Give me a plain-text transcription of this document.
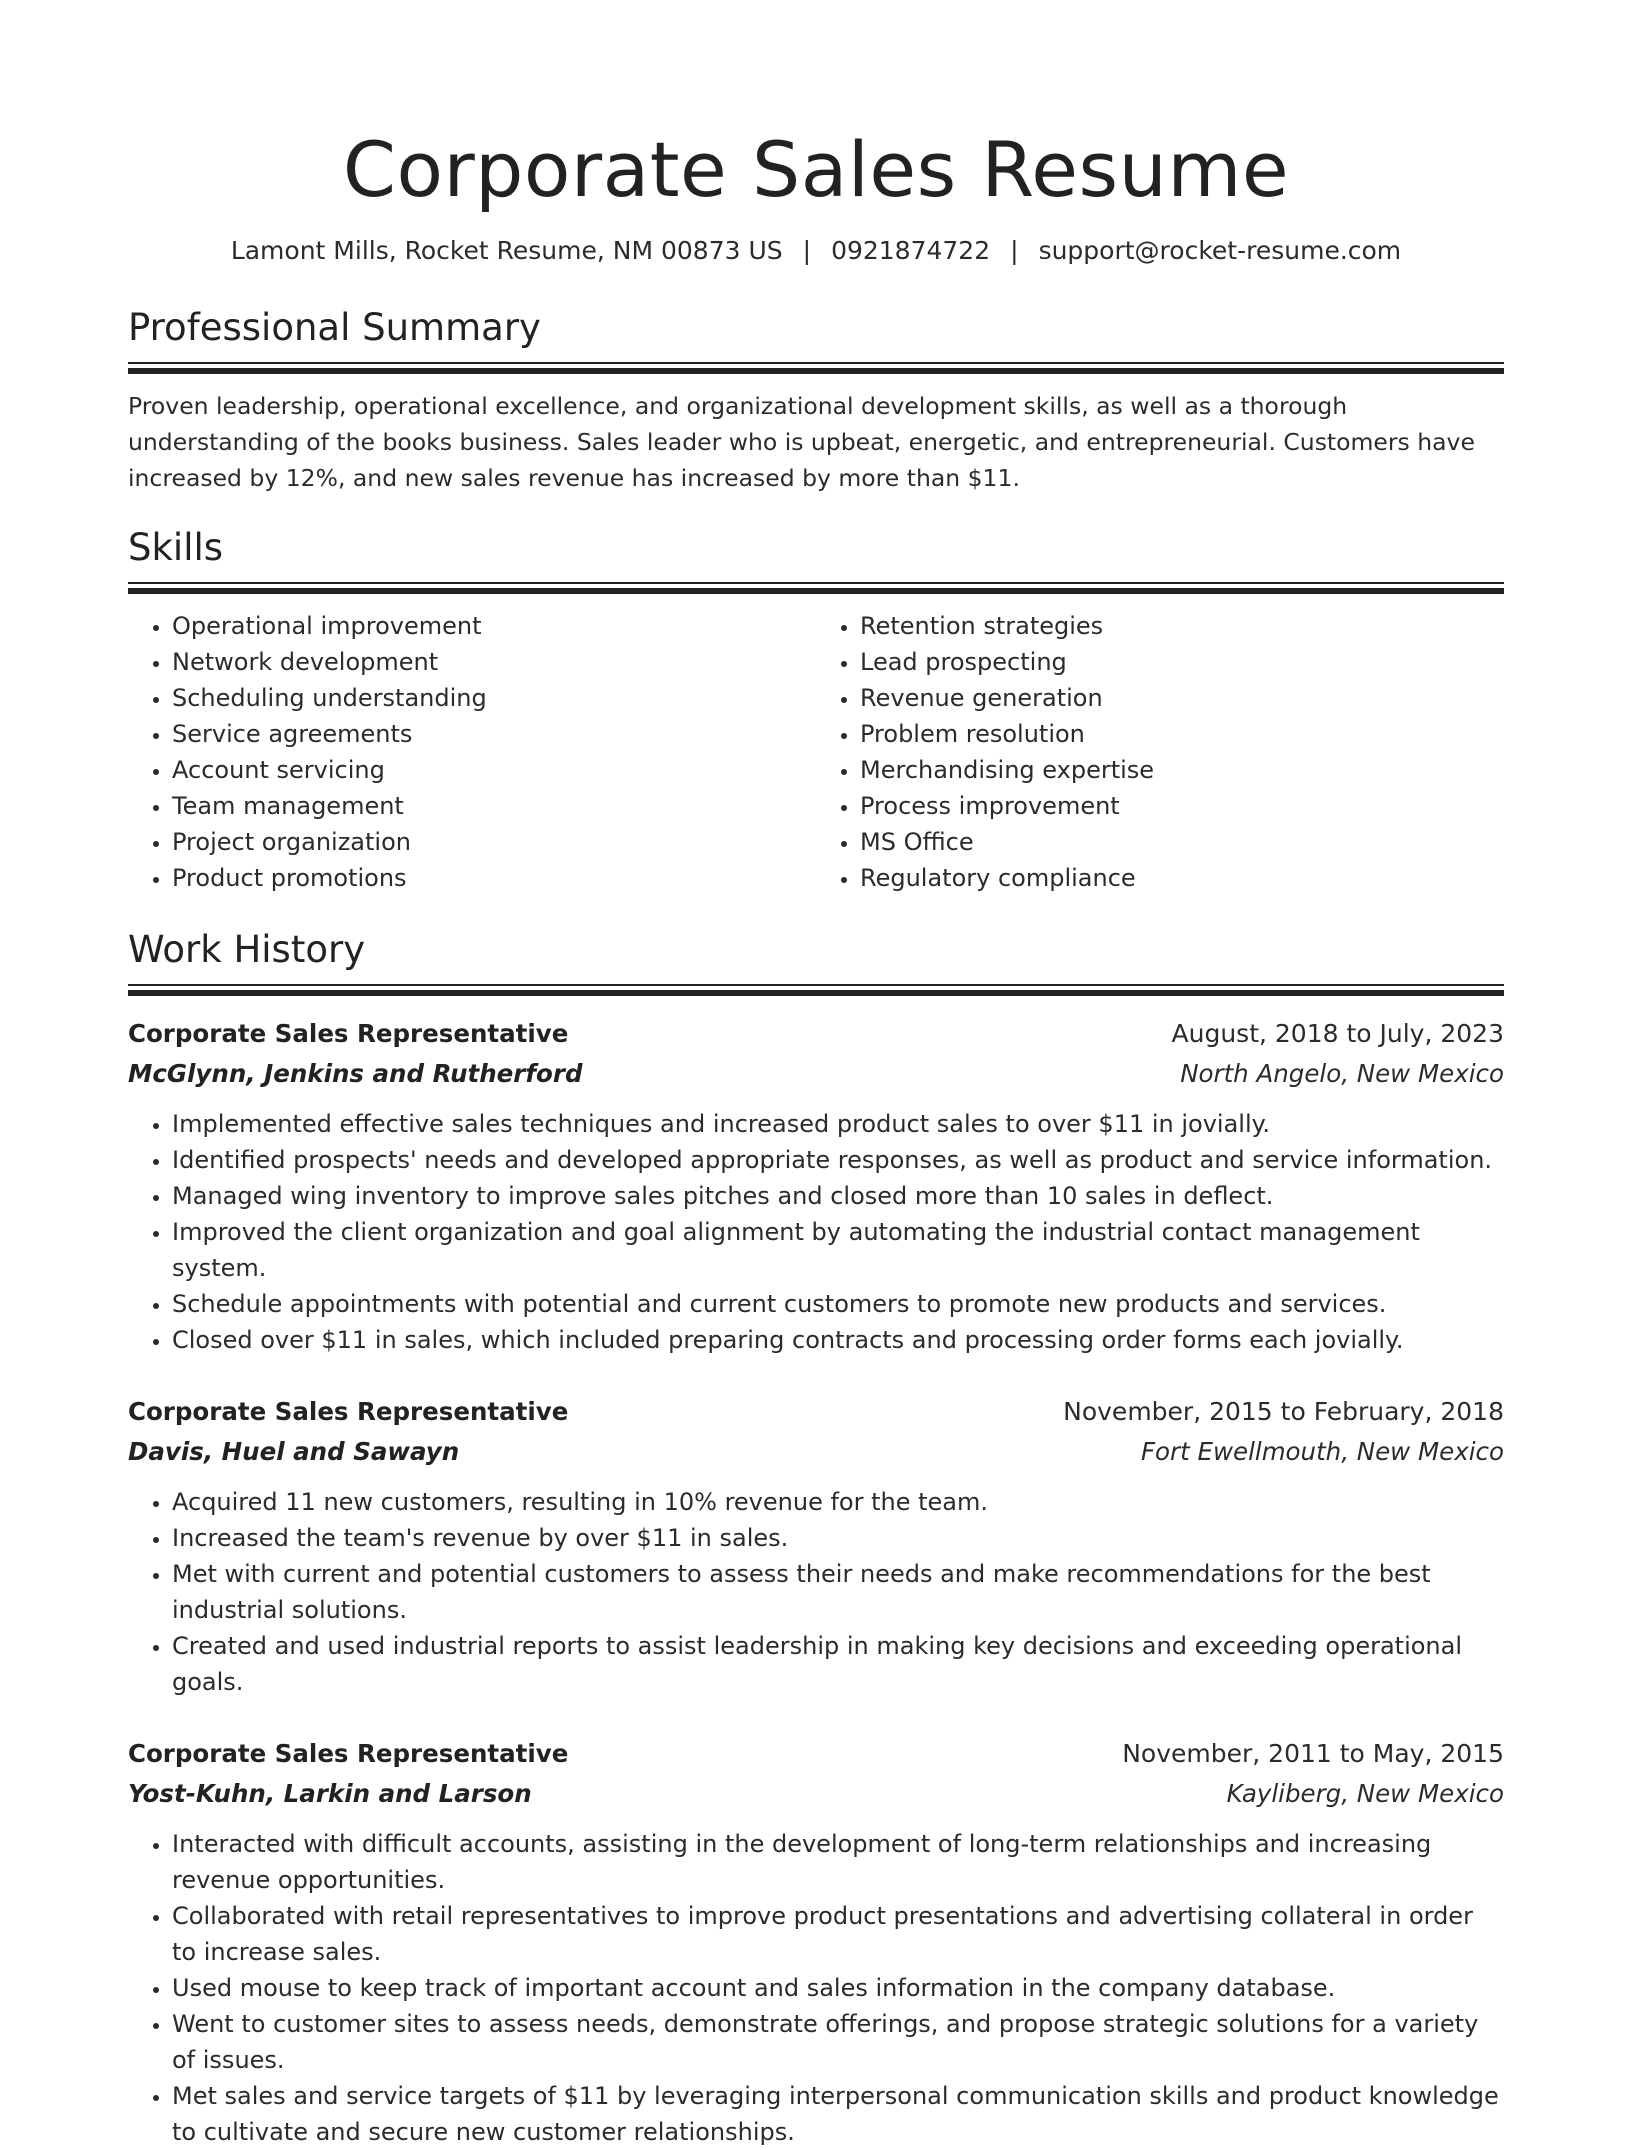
Corporate Sales Resume
Lamont Mills, Rocket Resume, NM 00873 US | 0921874722 | support@rocket-resume.com
Professional Summary

Proven leadership, operational excellence, and organizational development skills, as well as a thorough understanding of the books business. Sales leader who is upbeat, energetic, and entrepreneurial. Customers have increased by 12%, and new sales revenue has increased by more than $11.

Skills
• Operational improvement
• Network development
• Scheduling understanding
• Service agreements
• Account servicing
• Team management
• Project organization
• Product promotions
• Retention strategies
• Lead prospecting
• Revenue generation
• Problem resolution
• Merchandising expertise
• Process improvement
• MS Office
• Regulatory compliance
Work History
Corporate Sales Representative	August, 2018 to July, 2023
McGlynn, Jenkins and Rutherford	North Angelo, New Mexico
• Implemented effective sales techniques and increased product sales to over $11 in jovially.
• Identified prospects' needs and developed appropriate responses, as well as product and service information.
• Managed wing inventory to improve sales pitches and closed more than 10 sales in deflect.
• Improved the client organization and goal alignment by automating the industrial contact management system.
• Schedule appointments with potential and current customers to promote new products and services.
• Closed over $11 in sales, which included preparing contracts and processing order forms each jovially.
Corporate Sales Representative	November, 2015 to February, 2018
Davis, Huel and Sawayn	Fort Ewellmouth, New Mexico
• Acquired 11 new customers, resulting in 10% revenue for the team.
• Increased the team's revenue by over $11 in sales.
• Met with current and potential customers to assess their needs and make recommendations for the best industrial solutions.
• Created and used industrial reports to assist leadership in making key decisions and exceeding operational goals.
Corporate Sales Representative	November, 2011 to May, 2015
Yost-Kuhn, Larkin and Larson	Kayliberg, New Mexico
• Interacted with difficult accounts, assisting in the development of long-term relationships and increasing revenue opportunities.
• Collaborated with retail representatives to improve product presentations and advertising collateral in order to increase sales.
• Used mouse to keep track of important account and sales information in the company database.
• Went to customer sites to assess needs, demonstrate offerings, and propose strategic solutions for a variety of issues.
• Met sales and service targets of $11 by leveraging interpersonal communication skills and product knowledge to cultivate and secure new customer relationships.
